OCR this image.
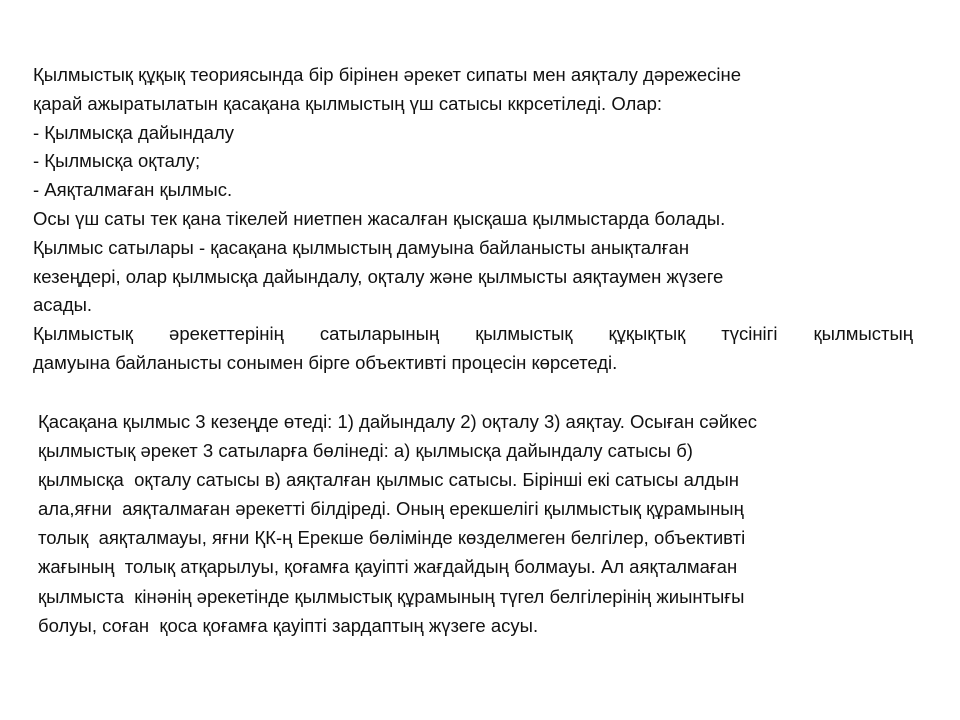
Қылмыстық құқық теориясында бір бірінен әрекет сипаты мен аяқталу дәрежесіне
қарай ажыратылатын қасақана қылмыстың үш сатысы ккрсетіледі. Олар:
- Қылмысқа дайындалу
- Қылмысқа оқталу;
- Аяқталмаған қылмыс.
Осы үш саты тек қана тікелей ниетпен жасалған қысқаша қылмыстарда болады.
Қылмыс сатылары - қасақана қылмыстың дамуына байланысты анықталған
кезеңдері, олар қылмысқа дайындалу, оқталу және қылмысты аяқтаумен жүзеге
асады.
Қылмыстық әрекеттерінің сатыларының қылмыстық құқықтық түсінігі қылмыстың
дамуына байланысты сонымен бірге объективті процесін көрсетеді.
Қасақана қылмыс 3 кезеңде өтеді: 1) дайындалу 2) оқталу 3) аяқтау. Осыған сәйкес
қылмыстық әрекет 3 сатыларға бөлінеді: а) қылмысқа дайындалу сатысы б)
қылмысқа  оқталу сатысы в) аяқталған қылмыс сатысы. Бірінші екі сатысы алдын
ала,яғни  аяқталмаған әрекетті білдіреді. Оның ерекшелігі қылмыстық құрамының
толық  аяқталмауы, яғни ҚК-ң Ерекше бөлімінде көзделмеген белгілер, объективті
жағының  толық атқарылуы, қоғамға қауіпті жағдайдың болмауы. Ал аяқталмаған
қылмыста  кінәнің әрекетінде қылмыстық құрамының түгел белгілерінің жиынтығы
болуы, соған  қоса қоғамға қауіпті зардаптың жүзеге асуы.
